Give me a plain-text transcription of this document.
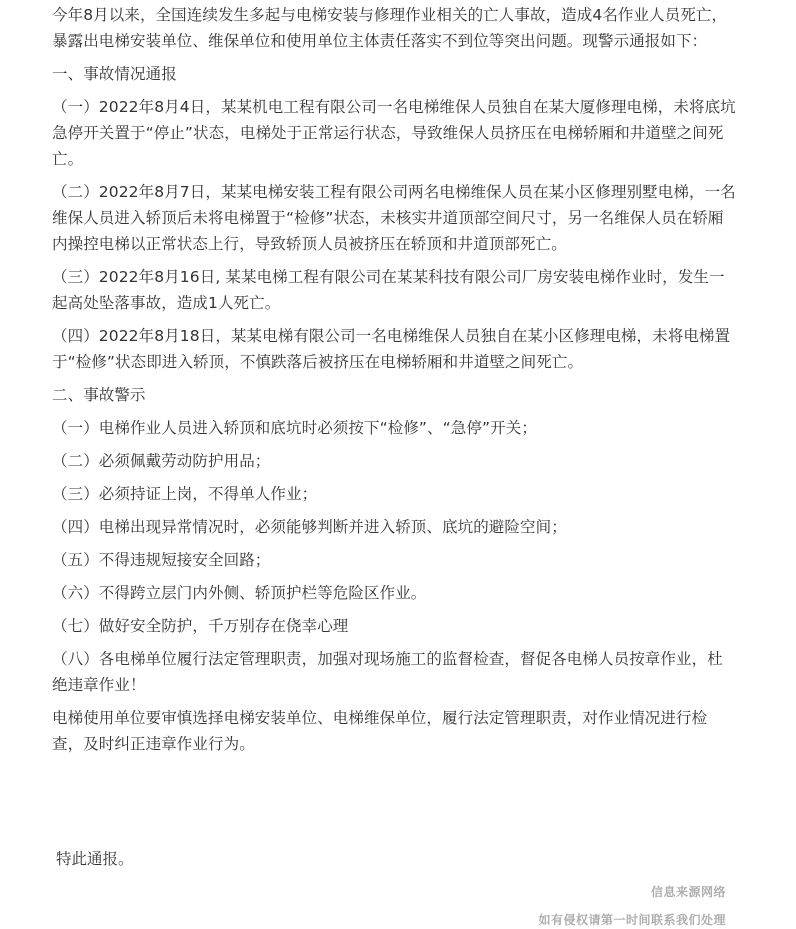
今年8月以来，全国连续发生多起与电梯安装与修理作业相关的亡人事故，造成4名作业人员死亡，暴露出电梯安装单位、维保单位和使用单位主体责任落实不到位等突出问题。现警示通报如下：

一、事故情况通报

（一）2022年8月4日，某某机电工程有限公司一名电梯维保人员独自在某大厦修理电梯，未将底坑急停开关置于“停止”状态，电梯处于正常运行状态，导致维保人员挤压在电梯轿厢和井道壁之间死亡。

（二）2022年8月7日，某某电梯安装工程有限公司两名电梯维保人员在某小区修理别墅电梯，一名维保人员进入轿顶后未将电梯置于“检修”状态，未核实井道顶部空间尺寸，另一名维保人员在轿厢内操控电梯以正常状态上行，导致轿顶人员被挤压在轿顶和井道顶部死亡。

（三）2022年8月16日, 某某电梯工程有限公司在某某科技有限公司厂房安装电梯作业时，发生一起高处坠落事故，造成1人死亡。

（四）2022年8月18日，某某电梯有限公司一名电梯维保人员独自在某小区修理电梯，未将电梯置于“检修”状态即进入轿顶，不慎跌落后被挤压在电梯轿厢和井道壁之间死亡。

二、事故警示

（一）电梯作业人员进入轿顶和底坑时必须按下“检修”、“急停”开关；

（二）必须佩戴劳动防护用品；

（三）必须持证上岗，不得单人作业；

（四）电梯出现异常情况时，必须能够判断并进入轿顶、底坑的避险空间；

（五）不得违规短接安全回路；

（六）不得跨立层门内外侧、轿顶护栏等危险区作业。

（七）做好安全防护，千万别存在侥幸心理

（八）各电梯单位履行法定管理职责，加强对现场施工的监督检查，督促各电梯人员按章作业，杜绝违章作业！

电梯使用单位要审慎选择电梯安装单位、电梯维保单位，履行法定管理职责，对作业情况进行检查，及时纠正违章作业行为。

特此通报。

信息来源网络

如有侵权请第一时间联系我们处理
